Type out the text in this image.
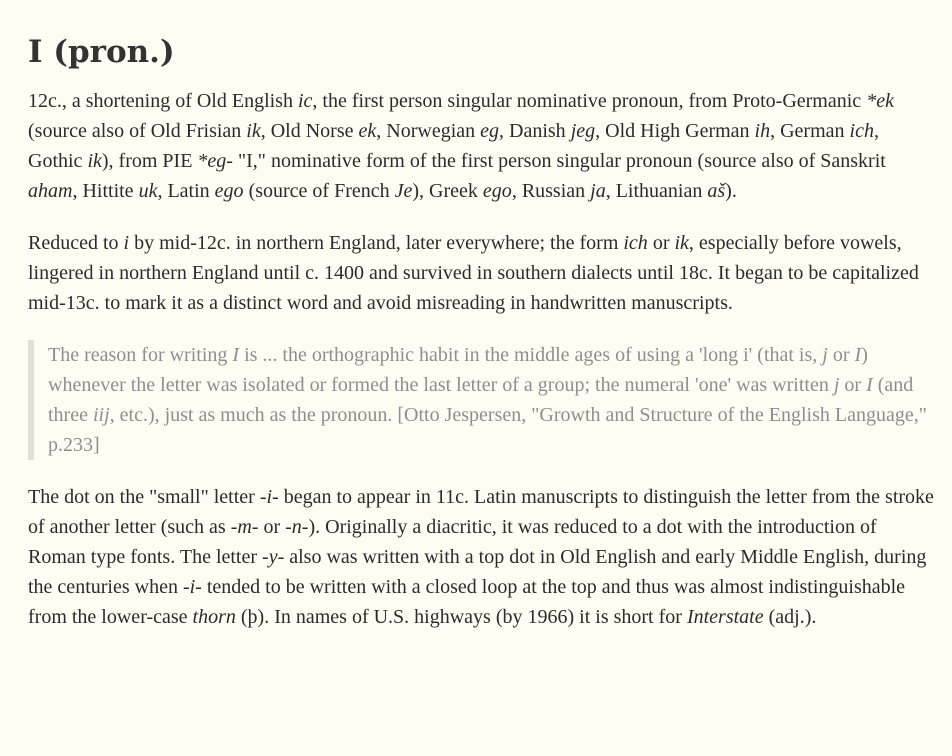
I (pron.)

12c., a shortening of Old English ic, the first person singular nominative pronoun, from Proto-Germanic *ek (source also of Old Frisian ik, Old Norse ek, Norwegian eg, Danish jeg, Old High German ih, German ich, Gothic ik), from PIE *eg- "I," nominative form of the first person singular pronoun (source also of Sanskrit aham, Hittite uk, Latin ego (source of French Je), Greek ego, Russian ja, Lithuanian aš).

Reduced to i by mid-12c. in northern England, later everywhere; the form ich or ik, especially before vowels, lingered in northern England until c. 1400 and survived in southern dialects until 18c. It began to be capitalized mid-13c. to mark it as a distinct word and avoid misreading in handwritten manuscripts.

The reason for writing I is ... the orthographic habit in the middle ages of using a 'long i' (that is, j or I) whenever the letter was isolated or formed the last letter of a group; the numeral 'one' was written j or I (and three iij, etc.), just as much as the pronoun. [Otto Jespersen, "Growth and Structure of the English Language," p.233]

The dot on the "small" letter -i- began to appear in 11c. Latin manuscripts to distinguish the letter from the stroke of another letter (such as -m- or -n-). Originally a diacritic, it was reduced to a dot with the introduction of Roman type fonts. The letter -y- also was written with a top dot in Old English and early Middle English, during the centuries when -i- tended to be written with a closed loop at the top and thus was almost indistinguishable from the lower-case thorn (þ). In names of U.S. highways (by 1966) it is short for Interstate (adj.).
